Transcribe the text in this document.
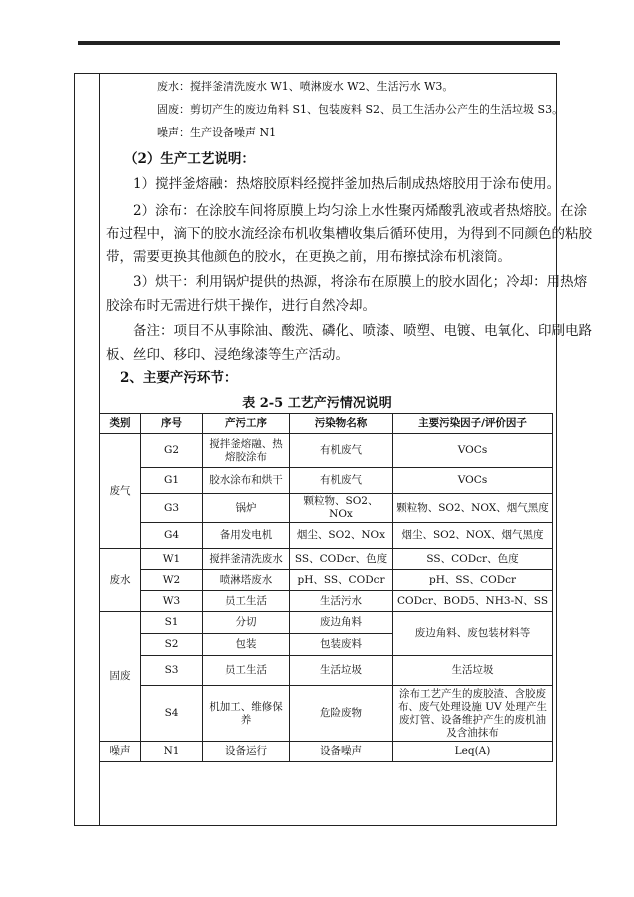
废水：搅拌釜清洗废水 W1、喷淋废水 W2、生活污水 W3。
固废：剪切产生的废边角料 S1、包装废料 S2、员工生活办公产生的生活垃圾 S3。
噪声：生产设备噪声 N1
（2）生产工艺说明：
1）搅拌釜熔融：热熔胶原料经搅拌釜加热后制成热熔胶用于涂布使用。
2）涂布：在涂胶车间将原膜上均匀涂上水性聚丙烯酸乳液或者热熔胶。在涂
布过程中，滴下的胶水流经涂布机收集槽收集后循环使用，为得到不同颜色的粘胶
带，需要更换其他颜色的胶水，在更换之前，用布擦拭涂布机滚筒。
3）烘干：利用锅炉提供的热源，将涂布在原膜上的胶水固化；冷却：用热熔
胶涂布时无需进行烘干操作，进行自然冷却。
备注：项目不从事除油、酸洗、磷化、喷漆、喷塑、电镀、电氧化、印刷电路
板、丝印、移印、浸绝缘漆等生产活动。
2、主要产污环节：
表 2-5 工艺产污情况说明
类别	序号	产污工序	污染物名称	主要污染因子/评价因子
废气	G2	搅拌釜熔融、热熔胶涂布	有机废气	VOCs
	G1	胶水涂布和烘干	有机废气	VOCs
	G3	锅炉	颗粒物、SO2、NOx	颗粒物、SO2、NOX、烟气黑度
	G4	备用发电机	烟尘、SO2、NOx	烟尘、SO2、NOX、烟气黑度
废水	W1	搅拌釜清洗废水	SS、CODcr、色度	SS、CODcr、色度
	W2	喷淋塔废水	pH、SS、CODcr	pH、SS、CODcr
	W3	员工生活	生活污水	CODcr、BOD5、NH3-N、SS
固废	S1	分切	废边角料	废边角料、废包装材料等
	S2	包装	包装废料	
	S3	员工生活	生活垃圾	生活垃圾
	S4	机加工、维修保养	危险废物	涂布工艺产生的废胶渣、含胶废布、废气处理设施 UV 处理产生废灯管、设备维护产生的废机油及含油抹布
噪声	N1	设备运行	设备噪声	Leq(A)
